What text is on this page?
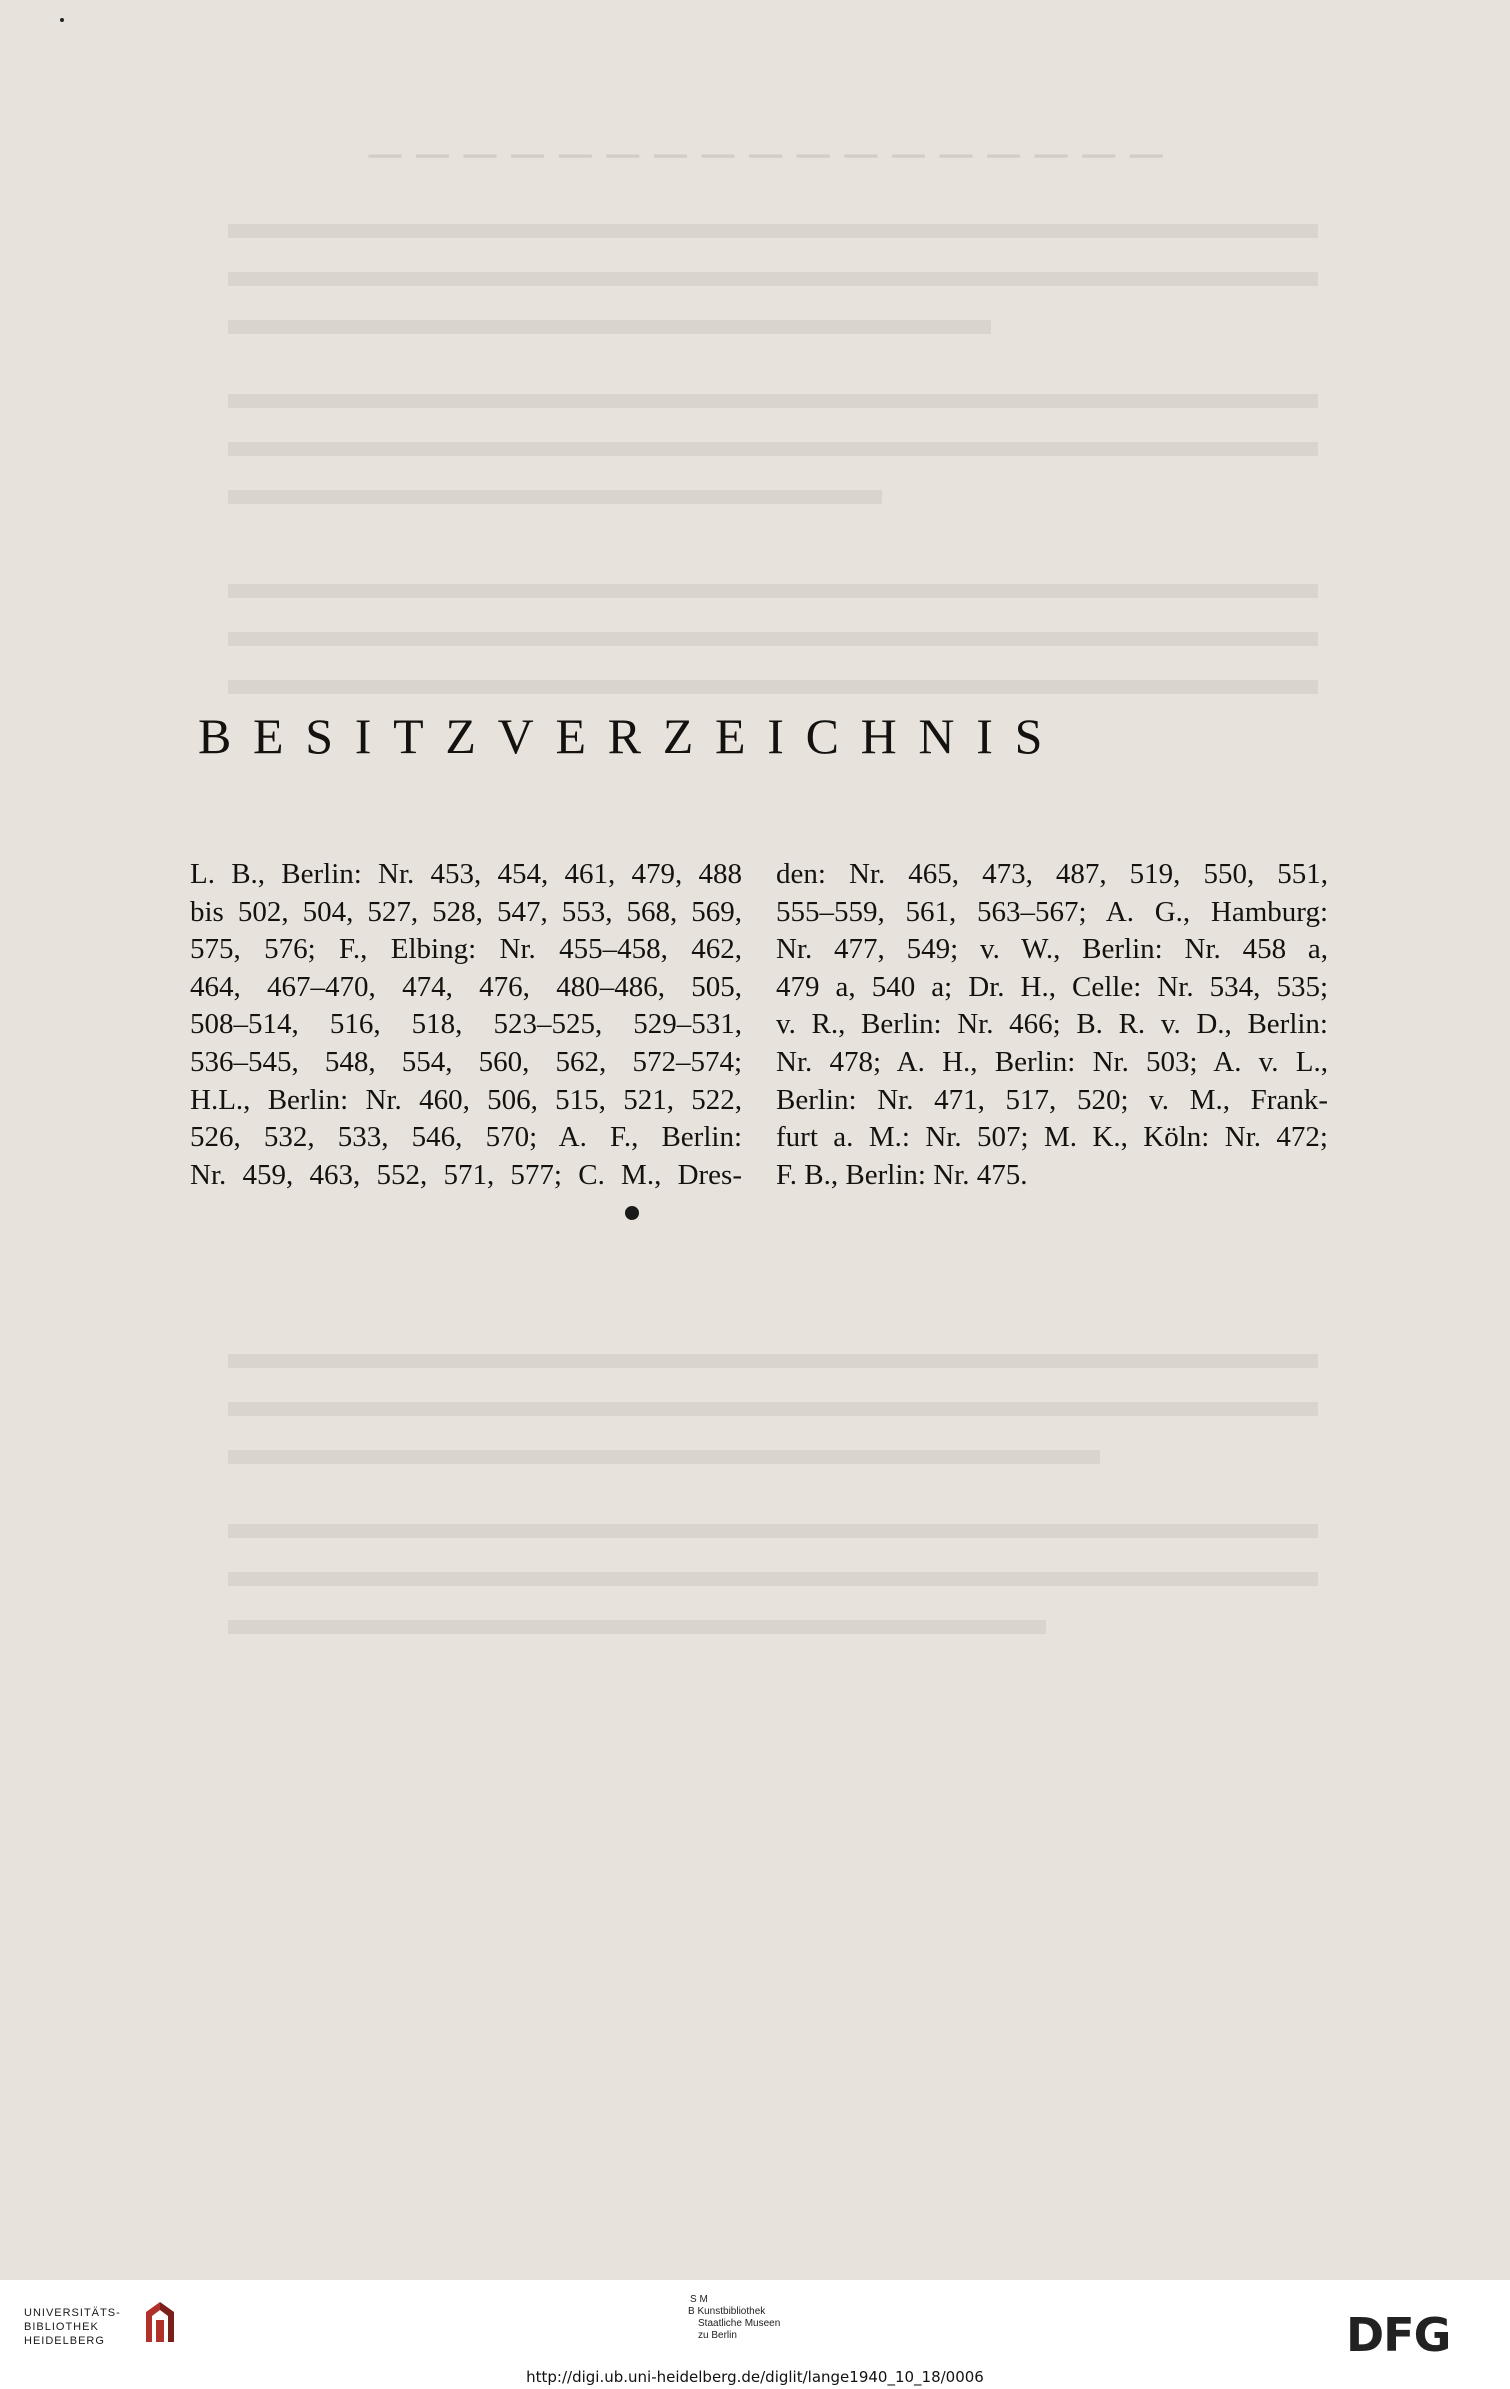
─────────────────
BESITZVERZEICHNIS
L. B., Berlin: Nr. 453, 454, 461, 479, 488
bis 502, 504, 527, 528, 547, 553, 568, 569,
575, 576; F., Elbing: Nr. 455–458, 462,
464, 467–470, 474, 476, 480–486, 505,
508–514, 516, 518, 523–525, 529–531,
536–545, 548, 554, 560, 562, 572–574;
H.L., Berlin: Nr. 460, 506, 515, 521, 522,
526, 532, 533, 546, 570; A. F., Berlin:
Nr. 459, 463, 552, 571, 577; C. M., Dres-
den: Nr. 465, 473, 487, 519, 550, 551,
555–559, 561, 563–567; A. G., Hamburg:
Nr. 477, 549; v. W., Berlin: Nr. 458 a,
479 a, 540 a; Dr. H., Celle: Nr. 534, 535;
v. R., Berlin: Nr. 466; B. R. v. D., Berlin:
Nr. 478; A. H., Berlin: Nr. 503; A. v. L.,
Berlin: Nr. 471, 517, 520; v. M., Frank-
furt a. M.: Nr. 507; M. K., Köln: Nr. 472;
F. B., Berlin: Nr. 475.
UNIVERSITÄTS-
BIBLIOTHEK
HEIDELBERG
S M
B Kunstbibliothek
Staatliche Museen
zu Berlin	DFG
http://digi.ub.uni-heidelberg.de/diglit/lange1940_10_18/0006
